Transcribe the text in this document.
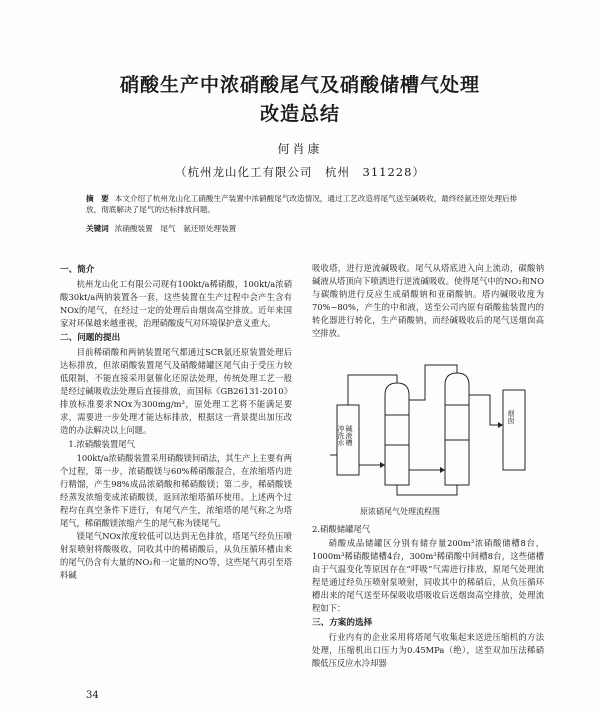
硝酸生产中浓硝酸尾气及硝酸储槽气处理
改造总结
何肖康
（杭州龙山化工有限公司　杭州　311228）
摘　要 本文介绍了杭州龙山化工硝酸生产装置中浓硝酸尾气改造情况，通过工艺改造将尾气送至碱吸收，最终经氨还原处理后排放，彻底解决了尾气的达标排放问题。
关键词 浓硝酸装置　尾气　氨还原处理装置
一、简介

杭州龙山化工有限公司现有100kt/a稀硝酸，100kt/a浓硝酸30kt/a两钠装置各一套，这些装置在生产过程中会产生含有NOx的尾气，在经过一定的处理后由烟囱高空排放。近年来国家对环保越来越重视，治理硝酸废气对环境保护意义重大。

二、问题的提出

目前稀硝酸和两钠装置尾气都通过SCR氨还原装置处理后达标排放，但浓硝酸装置尾气及硝酸储罐区尾气由于受压力较低限制，不能直接采用氨催化还原法处理，传统处理工艺一般是经过碱吸收法处理后直接排放，而国标《GB26131-2010》排放标准要求NOx为300mg/m³，原处理工艺将不能满足要求，需要进一步处理才能达标排放，根据这一背景提出加压改造的办法解决以上问题。

1.浓硝酸装置尾气

100kt/a浓硝酸装置采用硝酸镁间硝法，其生产上主要有两个过程，第一步，浓硝酸镁与60%稀硝酸混合，在浓缩塔内进行精馏，产生98%成品浓硝酸和稀硝酸镁；第二步，稀硝酸镁经蒸发浓缩变成浓硝酸镁，返回浓缩塔循环使用。上述两个过程均在真空条件下进行，有尾气产生，浓缩塔的尾气称之为塔尾气，稀硝酸镁浓缩产生的尾气称为镁尾气。

镁尾气NOx浓度较低可以达到无色排放，塔尾气经负压喷射泵喷射将酸吸收，同收其中的稀硝酸后，从负压循环槽由来的尾气仍含有大量的NO₂和一定量的NO等，这些尾气再引至塔料碱

吸收塔，进行逆流碱吸收。尾气从塔底进入向上流动，碳酸钠碱液从塔顶向下喷洒进行逆流碱吸收。使得尾气中的NO₂和NO与碳酸钠进行反应生成硝酸钠和亚硝酸钠。塔内碱吸收度为70%~80%，产生的中和液，送至公司内原有硝酸盐装置内的转化器进行转化，生产硝酸钠，而经碱吸收后的尾气送烟囱高空排放。

冲洗水 碱液槽
烟囱
原浓硝尾气处理流程图
2.硝酸储罐尾气

硝酸成品储罐区分别有储存量200m³浓硝酸储槽8台，1000m³稀硝酸储槽4台，300m³稀硝酸中间槽8台，这些储槽由于气温变化等原因存在“呼吸”气需进行排放，原尾气处理流程是通过经负压喷射泵喷射，同收其中的稀硝后，从负压循环槽出来的尾气送至环保吸收塔吸收后送烟囱高空排放，处理流程如下：

三、方案的选择

行业内有的企业采用将塔尾气收集起来送进压缩机的方法处理，压缩机出口压力为0.45MPa（绝），送至双加压法稀硝酸低压反应水冷却器

34
